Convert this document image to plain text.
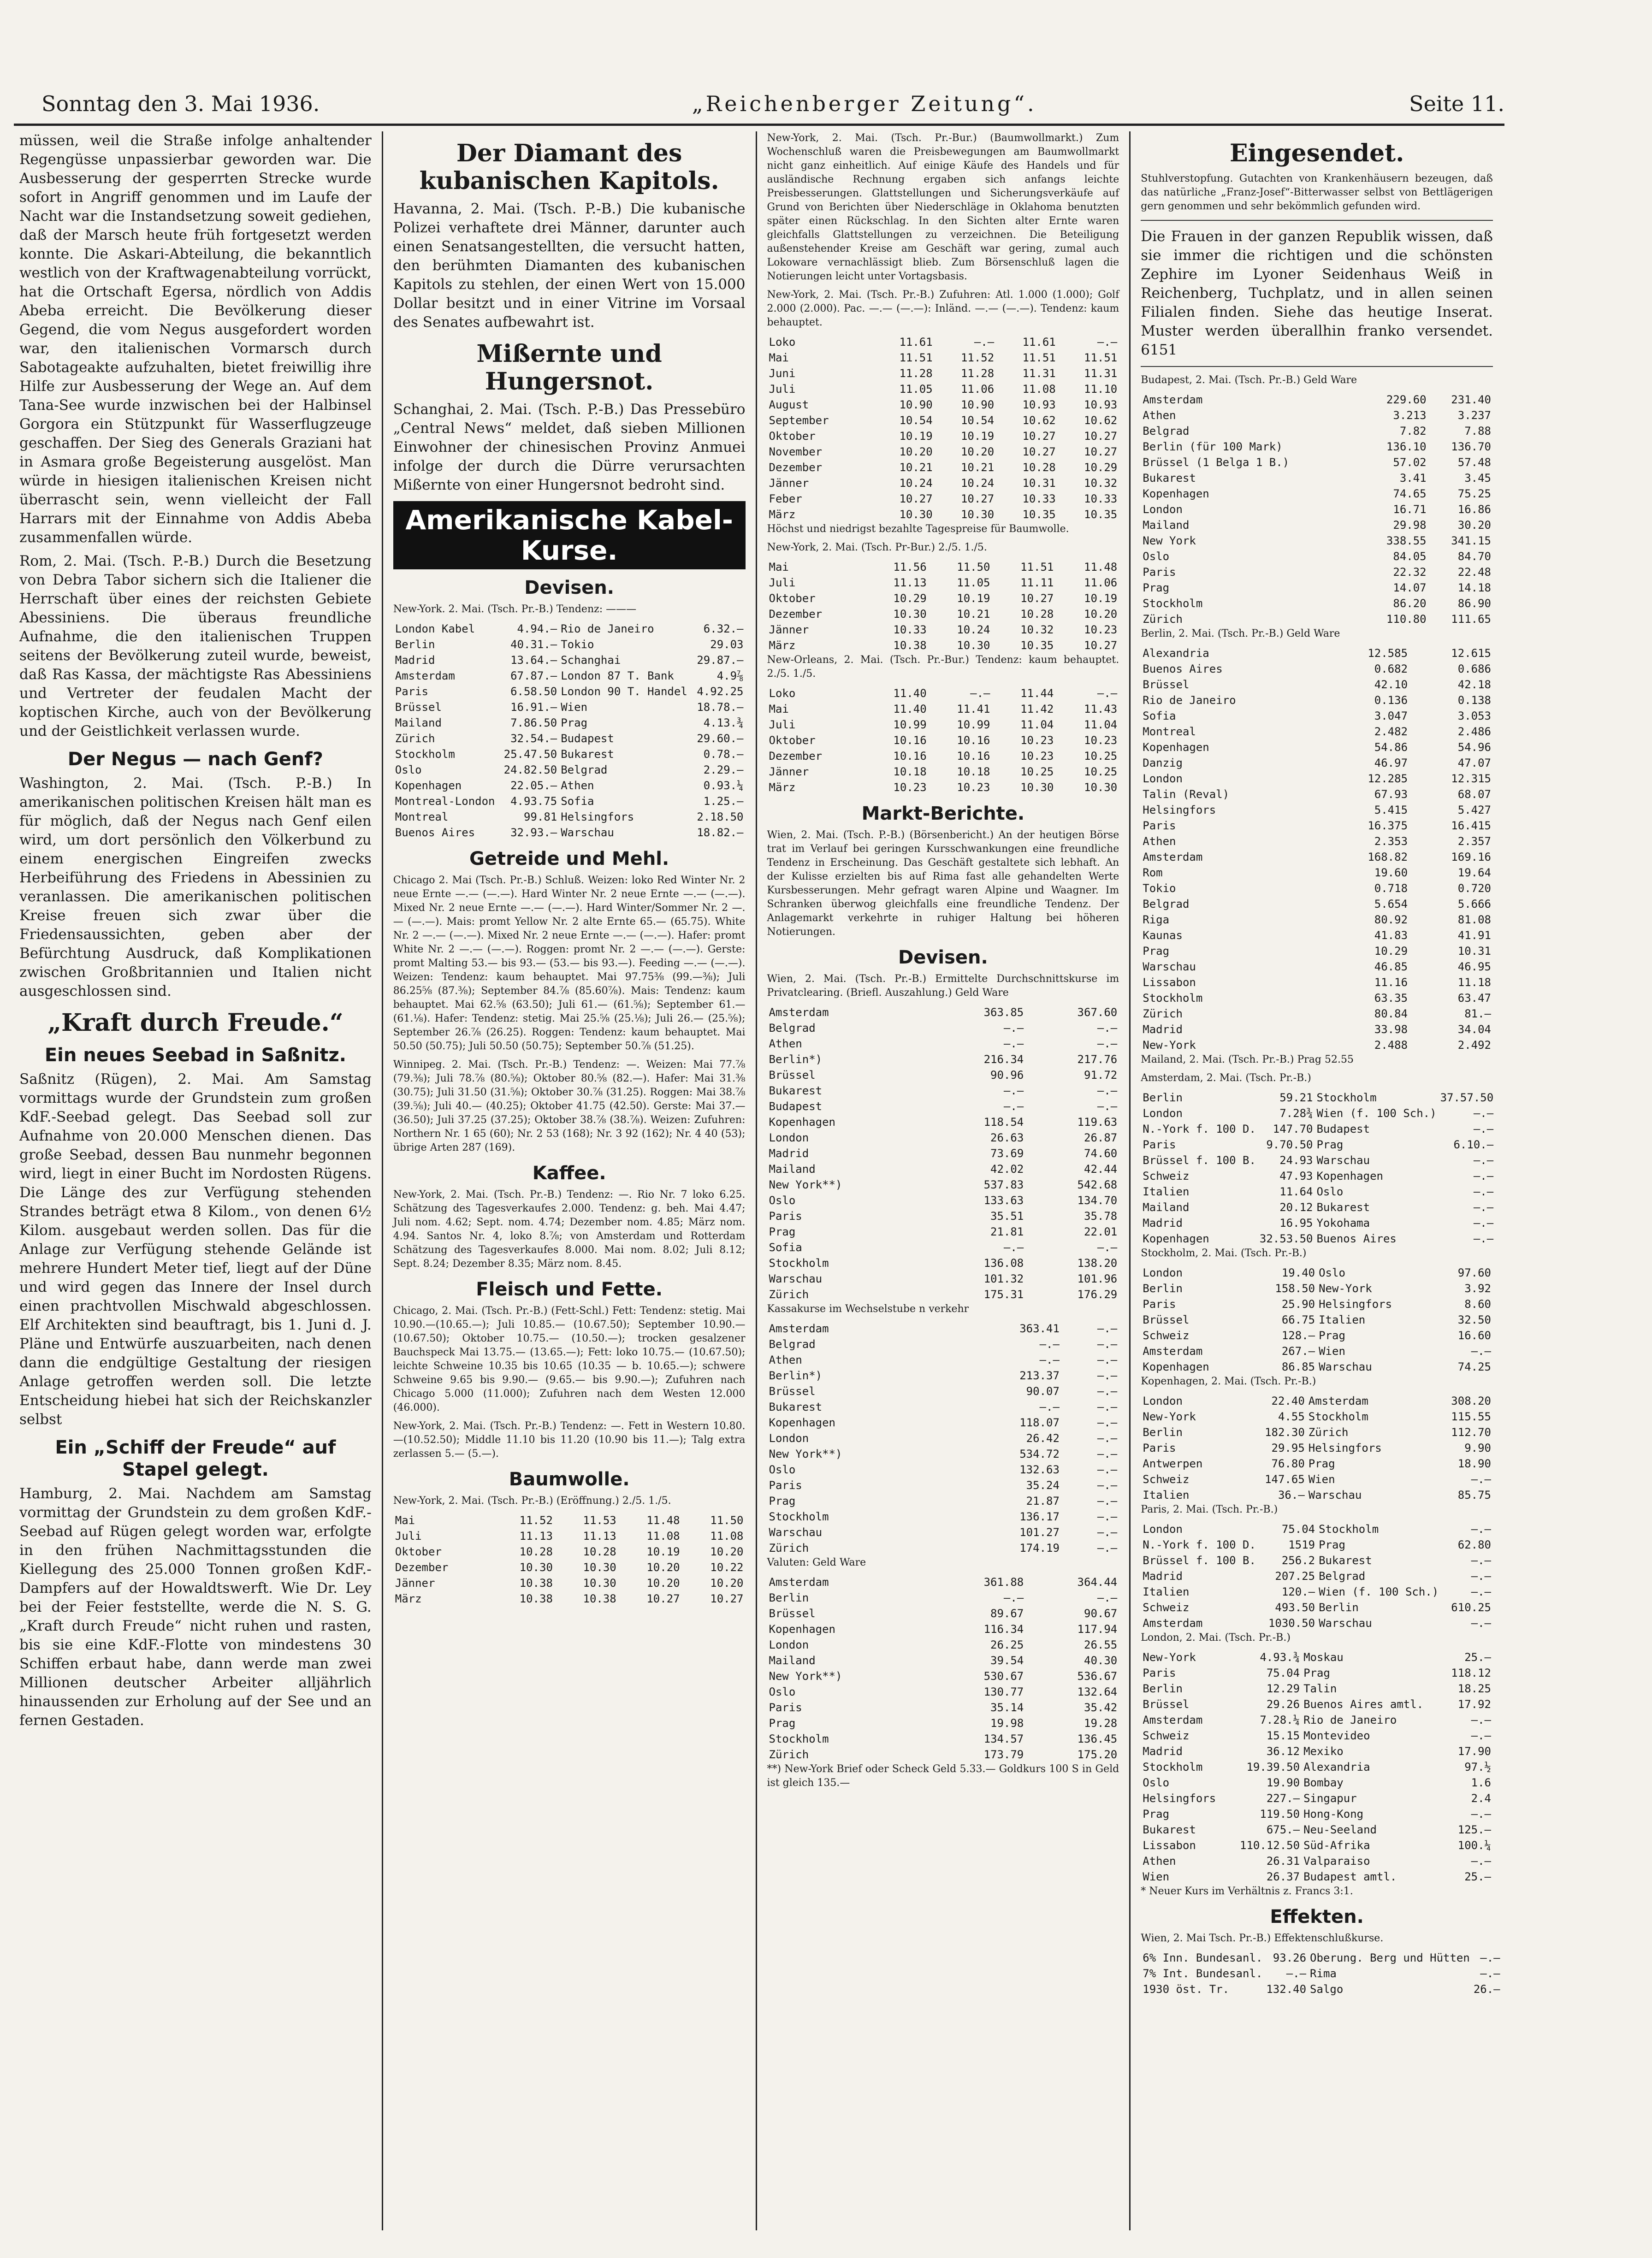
Sonntag den 3. Mai 1936.	„Reichenberger Zeitung“.	Seite 11.

müssen, weil die Straße infolge anhaltender Regengüsse unpassierbar geworden war. Die Ausbesserung der gesperrten Strecke wurde sofort in Angriff genommen und im Laufe der Nacht war die Instandsetzung soweit gediehen, daß der Marsch heute früh fortgesetzt werden konnte. Die Askari-Abteilung, die bekanntlich westlich von der Kraftwagenabteilung vorrückt, hat die Ortschaft Egersa, nördlich von Addis Abeba erreicht. Die Bevölkerung dieser Gegend, die vom Negus ausgefordert worden war, den italienischen Vormarsch durch Sabotageakte aufzuhalten, bietet freiwillig ihre Hilfe zur Ausbesserung der Wege an. Auf dem Tana-See wurde inzwischen bei der Halbinsel Gorgora ein Stützpunkt für Wasserflugzeuge geschaffen. Der Sieg des Generals Graziani hat in Asmara große Begeisterung ausgelöst. Man würde in hiesigen italienischen Kreisen nicht überrascht sein, wenn vielleicht der Fall Harrars mit der Einnahme von Addis Abeba zusammenfallen würde.

Rom, 2. Mai. (Tsch. P.-B.) Durch die Besetzung von Debra Tabor sichern sich die Italiener die Herrschaft über eines der reichsten Gebiete Abessiniens. Die überaus freundliche Aufnahme, die den italienischen Truppen seitens der Bevölkerung zuteil wurde, beweist, daß Ras Kassa, der mächtigste Ras Abessiniens und Vertreter der feudalen Macht der koptischen Kirche, auch von der Bevölkerung und der Geistlichkeit verlassen wurde.

Der Negus — nach Genf?

Washington, 2. Mai. (Tsch. P.-B.) In amerikanischen politischen Kreisen hält man es für möglich, daß der Negus nach Genf eilen wird, um dort persönlich den Völkerbund zu einem energischen Eingreifen zwecks Herbeiführung des Friedens in Abessinien zu veranlassen. Die amerikanischen politischen Kreise freuen sich zwar über die Friedensaussichten, geben aber der Befürchtung Ausdruck, daß Komplikationen zwischen Großbritannien und Italien nicht ausgeschlossen sind.

„Kraft durch Freude.“
Ein neues Seebad in Saßnitz.

Saßnitz (Rügen), 2. Mai. Am Samstag vormittags wurde der Grundstein zum großen KdF.-Seebad gelegt. Das Seebad soll zur Aufnahme von 20.000 Menschen dienen. Das große Seebad, dessen Bau nunmehr begonnen wird, liegt in einer Bucht im Nordosten Rügens. Die Länge des zur Verfügung stehenden Strandes beträgt etwa 8 Kilom., von denen 6½ Kilom. ausgebaut werden sollen. Das für die Anlage zur Verfügung stehende Gelände ist mehrere Hundert Meter tief, liegt auf der Düne und wird gegen das Innere der Insel durch einen prachtvollen Mischwald abgeschlossen. Elf Architekten sind beauftragt, bis 1. Juni d. J. Pläne und Entwürfe auszuarbeiten, nach denen dann die endgültige Gestaltung der riesigen Anlage getroffen werden soll. Die letzte Entscheidung hiebei hat sich der Reichskanzler selbst

Ein „Schiff der Freude“ auf Stapel gelegt.

Hamburg, 2. Mai. Nachdem am Samstag vormittag der Grundstein zu dem großen KdF.-Seebad auf Rügen gelegt worden war, erfolgte in den frühen Nachmittagsstunden die Kiellegung des 25.000 Tonnen großen KdF.-Dampfers auf der Howaldtswerft. Wie Dr. Ley bei der Feier feststellte, werde die N. S. G. „Kraft durch Freude“ nicht ruhen und rasten, bis sie eine KdF.-Flotte von mindestens 30 Schiffen erbaut habe, dann werde man zwei Millionen deutscher Arbeiter alljährlich hinaussenden zur Erholung auf der See und an fernen Gestaden.

Der Diamant des kubanischen Kapitols.

Havanna, 2. Mai. (Tsch. P.-B.) Die kubanische Polizei verhaftete drei Männer, darunter auch einen Senatsangestellten, die versucht hatten, den berühmten Diamanten des kubanischen Kapitols zu stehlen, der einen Wert von 15.000 Dollar besitzt und in einer Vitrine im Vorsaal des Senates aufbewahrt ist.

Mißernte und Hungersnot.

Schanghai, 2. Mai. (Tsch. P.-B.) Das Pressebüro „Central News“ meldet, daß sieben Millionen Einwohner der chinesischen Provinz Anmuei infolge der durch die Dürre verursachten Mißernte von einer Hungersnot bedroht sind.

Amerikanische Kabel-Kurse.
Devisen.

New-York. 2. Mai. (Tsch. Pr.-B.) Tendenz: ———

London Kabel	4.94.—	Rio de Janeiro	6.32.—
Berlin	40.31.—	Tokio	29.03
Madrid	13.64.—	Schanghai	29.87.—
Amsterdam	67.87.—	London 87 T. Bank	4.9⅞
Paris	6.58.50	London 90 T. Handel	4.92.25
Brüssel	16.91.—	Wien	18.78.—
Mailand	7.86.50	Prag	4.13.¾
Zürich	32.54.—	Budapest	29.60.—
Stockholm	25.47.50	Bukarest	0.78.—
Oslo	24.82.50	Belgrad	2.29.—
Kopenhagen	22.05.—	Athen	0.93.¼
Montreal-London	4.93.75	Sofia	1.25.—
Montreal	99.81	Helsingfors	2.18.50
Buenos Aires	32.93.—	Warschau	18.82.—
Getreide und Mehl.

Chicago 2. Mai (Tsch. Pr.-B.) Schluß. Weizen: loko Red Winter Nr. 2 neue Ernte —.— (—.—). Hard Winter Nr. 2 neue Ernte —.— (—.—). Mixed Nr. 2 neue Ernte —.— (—.—). Hard Winter/Sommer Nr. 2 —.— (—.—). Mais: promt Yellow Nr. 2 alte Ernte 65.— (65.75). White Nr. 2 —.— (—.—). Mixed Nr. 2 neue Ernte —.— (—.—). Hafer: promt White Nr. 2 —.— (—.—). Roggen: promt Nr. 2 —.— (—.—). Gerste: promt Malting 53.— bis 93.— (53.— bis 93.—). Feeding —.— (—.—). Weizen: Tendenz: kaum behauptet. Mai 97.75⅜ (99.—⅜); Juli 86.25⅝ (87.⅜); September 84.⅞ (85.60⅞). Mais: Tendenz: kaum behauptet. Mai 62.⅝ (63.50); Juli 61.— (61.⅝); September 61.— (61.⅛). Hafer: Tendenz: stetig. Mai 25.⅝ (25.⅛); Juli 26.— (25.⅝); September 26.⅞ (26.25). Roggen: Tendenz: kaum behauptet. Mai 50.50 (50.75); Juli 50.50 (50.75); September 50.⅞ (51.25).

Winnipeg. 2. Mai. (Tsch. Pr.-B.) Tendenz: —. Weizen: Mai 77.⅞ (79.⅜); Juli 78.⅞ (80.⅝); Oktober 80.⅝ (82.—). Hafer: Mai 31.⅜ (30.75); Juli 31.50 (31.⅝); Oktober 30.⅞ (31.25). Roggen: Mai 38.⅞ (39.⅝); Juli 40.— (40.25); Oktober 41.75 (42.50). Gerste: Mai 37.— (36.50); Juli 37.25 (37.25); Oktober 38.⅞ (38.⅞). Weizen: Zufuhren: Northern Nr. 1 65 (60); Nr. 2 53 (168); Nr. 3 92 (162); Nr. 4 40 (53); übrige Arten 287 (169).

Kaffee.

New-York, 2. Mai. (Tsch. Pr.-B.) Tendenz: —. Rio Nr. 7 loko 6.25. Schätzung des Tagesverkaufes 2.000. Tendenz: g. beh. Mai 4.47; Juli nom. 4.62; Sept. nom. 4.74; Dezember nom. 4.85; März nom. 4.94. Santos Nr. 4, loko 8.⅞; von Amsterdam und Rotterdam Schätzung des Tagesverkaufes 8.000. Mai nom. 8.02; Juli 8.12; Sept. 8.24; Dezember 8.35; März nom. 8.45.

Fleisch und Fette.

Chicago, 2. Mai. (Tsch. Pr.-B.) (Fett-Schl.) Fett: Tendenz: stetig. Mai 10.90.—(10.65.—); Juli 10.85.— (10.67.50); September 10.90.—(10.67.50); Oktober 10.75.— (10.50.—); trocken gesalzener Bauchspeck Mai 13.75.— (13.65.—); Fett: loko 10.75.— (10.67.50); leichte Schweine 10.35 bis 10.65 (10.35 — b. 10.65.—); schwere Schweine 9.65 bis 9.90.— (9.65.— bis 9.90.—); Zufuhren nach Chicago 5.000 (11.000); Zufuhren nach dem Westen 12.000 (46.000).

New-York, 2. Mai. (Tsch. Pr.-B.) Tendenz: —. Fett in Western 10.80.—(10.52.50); Middle 11.10 bis 11.20 (10.90 bis 11.—); Talg extra zerlassen 5.— (5.—).

Baumwolle.

New-York, 2. Mai. (Tsch. Pr.-B.) (Eröffnung.) 2./5. 1./5.

Mai	11.52	11.53	11.48	11.50
Juli	11.13	11.13	11.08	11.08
Oktober	10.28	10.28	10.19	10.20
Dezember	10.30	10.30	10.20	10.22
Jänner	10.38	10.30	10.20	10.20
März	10.38	10.38	10.27	10.27

New-York, 2. Mai. (Tsch. Pr.-Bur.) (Baumwollmarkt.) Zum Wochenschluß waren die Preisbewegungen am Baumwollmarkt nicht ganz einheitlich. Auf einige Käufe des Handels und für ausländische Rechnung ergaben sich anfangs leichte Preisbesserungen. Glattstellungen und Sicherungsverkäufe auf Grund von Berichten über Niederschläge in Oklahoma benutzten später einen Rückschlag. In den Sichten alter Ernte waren gleichfalls Glattstellungen zu verzeichnen. Die Beteiligung außenstehender Kreise am Geschäft war gering, zumal auch Lokoware vernachlässigt blieb. Zum Börsenschluß lagen die Notierungen leicht unter Vortagsbasis.

New-York, 2. Mai. (Tsch. Pr.-B.) Zufuhren: Atl. 1.000 (1.000); Golf 2.000 (2.000). Pac. —.— (—.—): Inländ. —.— (—.—). Tendenz: kaum behauptet.

Loko	11.61	—.—	11.61	—.—
Mai	11.51	11.52	11.51	11.51
Juni	11.28	11.28	11.31	11.31
Juli	11.05	11.06	11.08	11.10
August	10.90	10.90	10.93	10.93
September	10.54	10.54	10.62	10.62
Oktober	10.19	10.19	10.27	10.27
November	10.20	10.20	10.27	10.27
Dezember	10.21	10.21	10.28	10.29
Jänner	10.24	10.24	10.31	10.32
Feber	10.27	10.27	10.33	10.33
März	10.30	10.30	10.35	10.35

Höchst und niedrigst bezahlte Tagespreise für Baumwolle.

New-York, 2. Mai. (Tsch. Pr-Bur.) 2./5. 1./5.

Mai	11.56	11.50	11.51	11.48
Juli	11.13	11.05	11.11	11.06
Oktober	10.29	10.19	10.27	10.19
Dezember	10.30	10.21	10.28	10.20
Jänner	10.33	10.24	10.32	10.23
März	10.38	10.30	10.35	10.27

New-Orleans, 2. Mai. (Tsch. Pr.-Bur.) Tendenz: kaum behauptet. 2./5. 1./5.

Loko	11.40	—.—	11.44	—.—
Mai	11.40	11.41	11.42	11.43
Juli	10.99	10.99	11.04	11.04
Oktober	10.16	10.16	10.23	10.23
Dezember	10.16	10.16	10.23	10.25
Jänner	10.18	10.18	10.25	10.25
März	10.23	10.23	10.30	10.30
Markt-Berichte.

Wien, 2. Mai. (Tsch. P.-B.) (Börsenbericht.) An der heutigen Börse trat im Verlauf bei geringen Kursschwankungen eine freundliche Tendenz in Erscheinung. Das Geschäft gestaltete sich lebhaft. An der Kulisse erzielten bis auf Rima fast alle gehandelten Werte Kursbesserungen. Mehr gefragt waren Alpine und Waagner. Im Schranken überwog gleichfalls eine freundliche Tendenz. Der Anlagemarkt verkehrte in ruhiger Haltung bei höheren Notierungen.

Devisen.

Wien, 2. Mai. (Tsch. Pr.-B.) Ermittelte Durchschnittskurse im Privatclearing. (Briefl. Auszahlung.) Geld Ware

Amsterdam	363.85	367.60
Belgrad	—.—	—.—
Athen	—.—	—.—
Berlin*)	216.34	217.76
Brüssel	90.96	91.72
Bukarest	—.—	—.—
Budapest	—.—	—.—
Kopenhagen	118.54	119.63
London	26.63	26.87
Madrid	73.69	74.60
Mailand	42.02	42.44
New York**)	537.83	542.68
Oslo	133.63	134.70
Paris	35.51	35.78
Prag	21.81	22.01
Sofia	—.—	—.—
Stockholm	136.08	138.20
Warschau	101.32	101.96
Zürich	175.31	176.29

Kassakurse im Wechselstube n verkehr

Amsterdam	363.41	—.—
Belgrad	—.—	—.—
Athen	—.—	—.—
Berlin*)	213.37	—.—
Brüssel	90.07	—.—
Bukarest	—.—	—.—
Kopenhagen	118.07	—.—
London	26.42	—.—
New York**)	534.72	—.—
Oslo	132.63	—.—
Paris	35.24	—.—
Prag	21.87	—.—
Stockholm	136.17	—.—
Warschau	101.27	—.—
Zürich	174.19	—.—

Valuten: Geld Ware

Amsterdam	361.88	364.44
Berlin	—.—	—.—
Brüssel	89.67	90.67
Kopenhagen	116.34	117.94
London	26.25	26.55
Mailand	39.54	40.30
New York**)	530.67	536.67
Oslo	130.77	132.64
Paris	35.14	35.42
Prag	19.98	19.28
Stockholm	134.57	136.45
Zürich	173.79	175.20

**) New-York Brief oder Scheck Geld 5.33.— Goldkurs 100 S in Geld ist gleich 135.—

Eingesendet.

Stuhlverstopfung. Gutachten von Krankenhäusern bezeugen, daß das natürliche „Franz-Josef“-Bitterwasser selbst von Bettlägerigen gern genommen und sehr bekömmlich gefunden wird.

Die Frauen in der ganzen Republik wissen, daß sie immer die richtigen und die schönsten Zephire im Lyoner Seidenhaus Weiß in Reichenberg, Tuchplatz, und in allen seinen Filialen finden. Siehe das heutige Inserat. Muster werden überallhin franko versendet. 6151

Budapest, 2. Mai. (Tsch. Pr.-B.) Geld Ware

Amsterdam	229.60	231.40
Athen	3.213	3.237
Belgrad	7.82	7.88
Berlin (für 100 Mark)	136.10	136.70
Brüssel (1 Belga 1 B.)	57.02	57.48
Bukarest	3.41	3.45
Kopenhagen	74.65	75.25
London	16.71	16.86
Mailand	29.98	30.20
New York	338.55	341.15
Oslo	84.05	84.70
Paris	22.32	22.48
Prag	14.07	14.18
Stockholm	86.20	86.90
Zürich	110.80	111.65

Berlin, 2. Mai. (Tsch. Pr.-B.) Geld Ware

Alexandria	12.585	12.615
Buenos Aires	0.682	0.686
Brüssel	42.10	42.18
Rio de Janeiro	0.136	0.138
Sofia	3.047	3.053
Montreal	2.482	2.486
Kopenhagen	54.86	54.96
Danzig	46.97	47.07
London	12.285	12.315
Talin (Reval)	67.93	68.07
Helsingfors	5.415	5.427
Paris	16.375	16.415
Athen	2.353	2.357
Amsterdam	168.82	169.16
Rom	19.60	19.64
Tokio	0.718	0.720
Belgrad	5.654	5.666
Riga	80.92	81.08
Kaunas	41.83	41.91
Prag	10.29	10.31
Warschau	46.85	46.95
Lissabon	11.16	11.18
Stockholm	63.35	63.47
Zürich	80.84	81.—
Madrid	33.98	34.04
New-York	2.488	2.492

Mailand, 2. Mai. (Tsch. Pr.-B.) Prag 52.55

Amsterdam, 2. Mai. (Tsch. Pr.-B.)

Berlin	59.21	Stockholm	37.57.50
London	7.28¾	Wien (f. 100 Sch.)	—.—
N.-York f. 100 D.	147.70	Budapest	—.—
Paris	9.70.50	Prag	6.10.—
Brüssel f. 100 B.	24.93	Warschau	—.—
Schweiz	47.93	Kopenhagen	—.—
Italien	11.64	Oslo	—.—
Mailand	20.12	Bukarest	—.—
Madrid	16.95	Yokohama	—.—
Kopenhagen	32.53.50	Buenos Aires	—.—

Stockholm, 2. Mai. (Tsch. Pr.-B.)

London	19.40	Oslo	97.60
Berlin	158.50	New-York	3.92
Paris	25.90	Helsingfors	8.60
Brüssel	66.75	Italien	32.50
Schweiz	128.—	Prag	16.60
Amsterdam	267.—	Wien	—.—
Kopenhagen	86.85	Warschau	74.25

Kopenhagen, 2. Mai. (Tsch. Pr.-B.)

London	22.40	Amsterdam	308.20
New-York	4.55	Stockholm	115.55
Berlin	182.30	Zürich	112.70
Paris	29.95	Helsingfors	9.90
Antwerpen	76.80	Prag	18.90
Schweiz	147.65	Wien	—.—
Italien	36.—	Warschau	85.75

Paris, 2. Mai. (Tsch. Pr.-B.)

London	75.04	Stockholm	—.—
N.-York f. 100 D.	1519	Prag	62.80
Brüssel f. 100 B.	256.2	Bukarest	—.—
Madrid	207.25	Belgrad	—.—
Italien	120.—	Wien (f. 100 Sch.)	—.—
Schweiz	493.50	Berlin	610.25
Amsterdam	1030.50	Warschau	—.—

London, 2. Mai. (Tsch. Pr.-B.)

New-York	4.93.¾	Moskau	25.—
Paris	75.04	Prag	118.12
Berlin	12.29	Talin	18.25
Brüssel	29.26	Buenos Aires amtl.	17.92
Amsterdam	7.28.¼	Rio de Janeiro	—.—
Schweiz	15.15	Montevideo	—.—
Madrid	36.12	Mexiko	17.90
Stockholm	19.39.50	Alexandria	97.½
Oslo	19.90	Bombay	1.6
Helsingfors	227.—	Singapur	2.4
Prag	119.50	Hong-Kong	—.—
Bukarest	675.—	Neu-Seeland	125.—
Lissabon	110.12.50	Süd-Afrika	100.¼
Athen	26.31	Valparaiso	—.—
Wien	26.37	Budapest amtl.	25.—

* Neuer Kurs im Verhältnis z. Francs 3:1.

Effekten.

Wien, 2. Mai Tsch. Pr.-B.) Effektenschlußkurse.

6% Inn. Bundesanl.	93.26	Oberung. Berg und Hütten	—.—
7% Int. Bundesanl.	—.—	Rima	—.—
1930 öst. Tr.	132.40	Salgo	26.—
